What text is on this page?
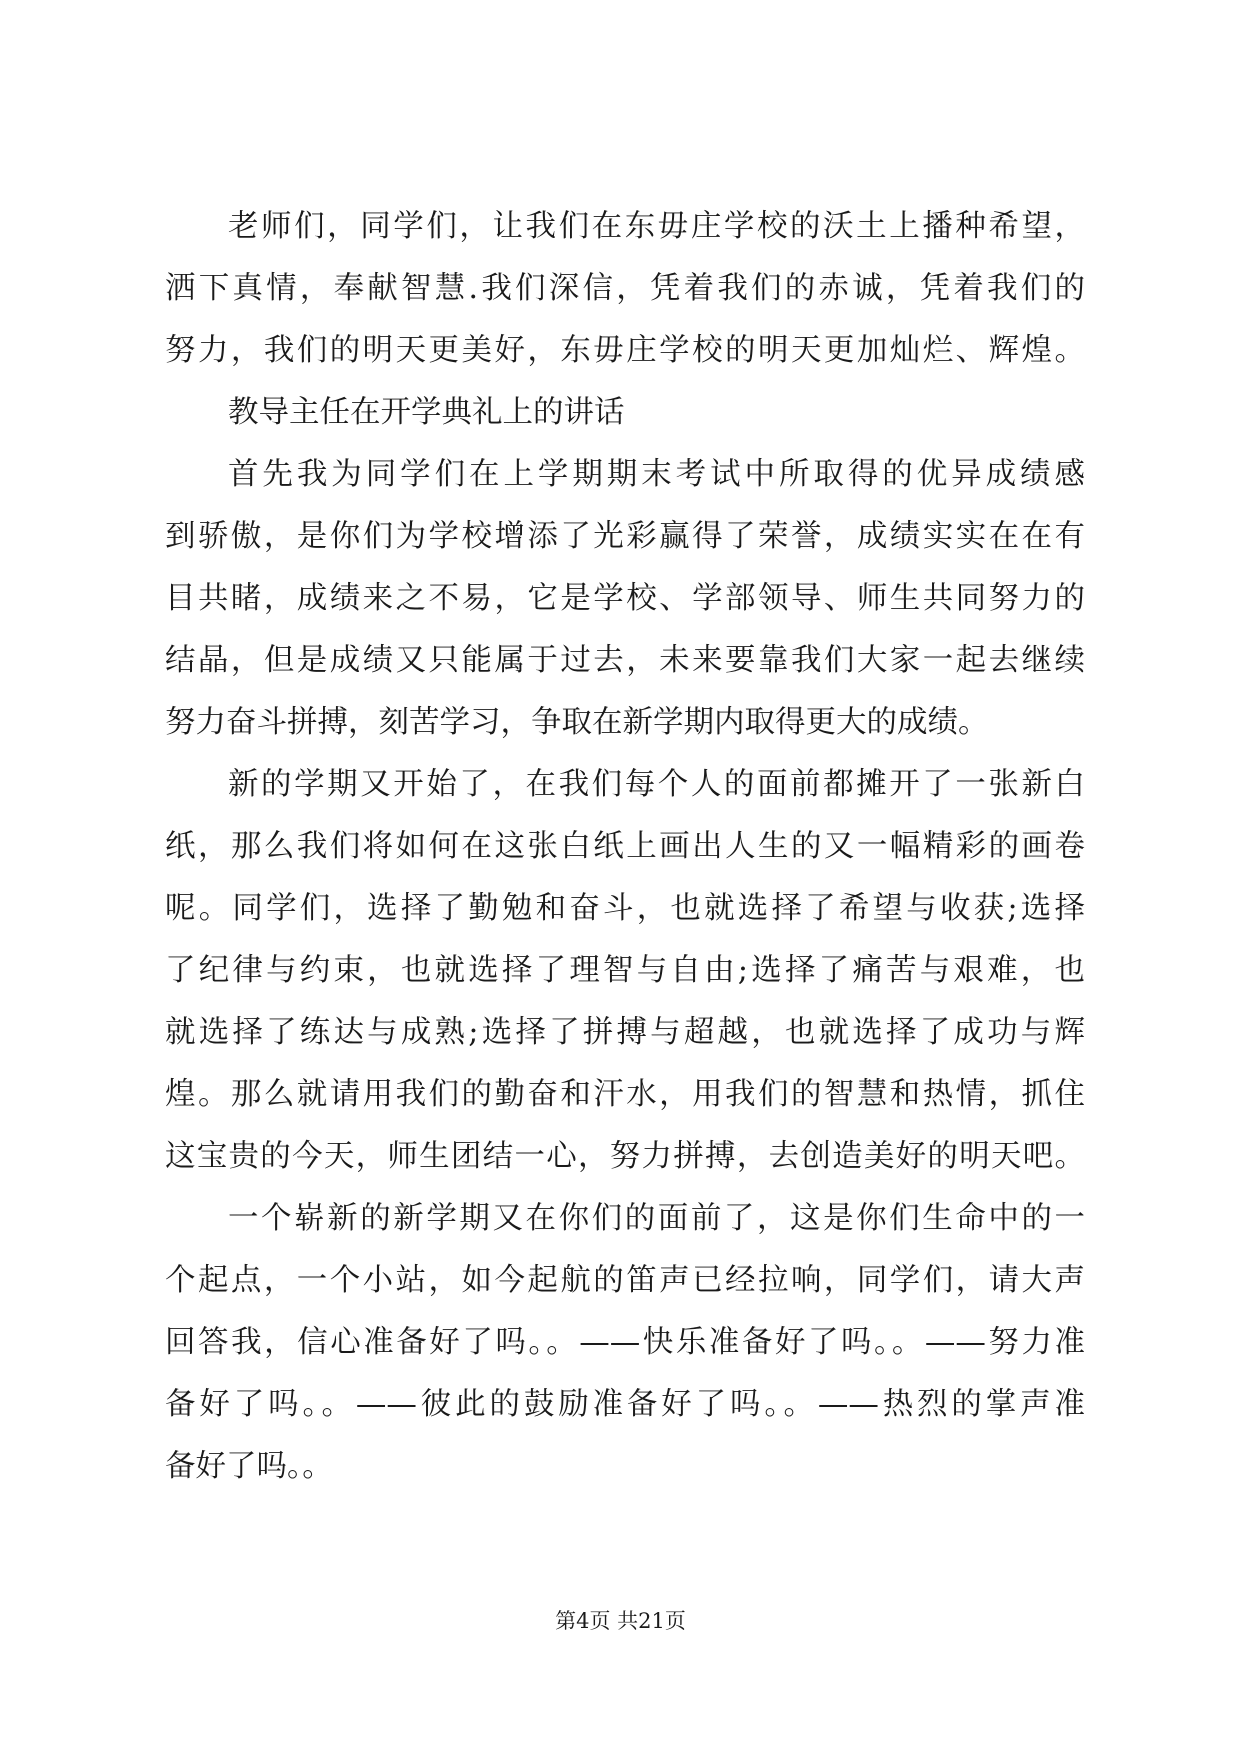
老师们，同学们，让我们在东毋庄学校的沃土上播种希望，
洒下真情，奉献智慧.我们深信，凭着我们的赤诚，凭着我们的
努力，我们的明天更美好，东毋庄学校的明天更加灿烂、辉煌。
教导主任在开学典礼上的讲话
首先我为同学们在上学期期末考试中所取得的优异成绩感
到骄傲，是你们为学校增添了光彩赢得了荣誉，成绩实实在在有
目共睹，成绩来之不易，它是学校、学部领导、师生共同努力的
结晶，但是成绩又只能属于过去，未来要靠我们大家一起去继续
努力奋斗拼搏，刻苦学习，争取在新学期内取得更大的成绩。
新的学期又开始了，在我们每个人的面前都摊开了一张新白
纸，那么我们将如何在这张白纸上画出人生的又一幅精彩的画卷
呢。同学们，选择了勤勉和奋斗，也就选择了希望与收获;选择
了纪律与约束，也就选择了理智与自由;选择了痛苦与艰难，也
就选择了练达与成熟;选择了拼搏与超越，也就选择了成功与辉
煌。那么就请用我们的勤奋和汗水，用我们的智慧和热情，抓住
这宝贵的今天，师生团结一心，努力拼搏，去创造美好的明天吧。
一个崭新的新学期又在你们的面前了，这是你们生命中的一
个起点，一个小站，如今起航的笛声已经拉响，同学们，请大声
回答我，信心准备好了吗。。——快乐准备好了吗。。——努力准
备好了吗。。——彼此的鼓励准备好了吗。。——热烈的掌声准
备好了吗。。
第4页 共21页
